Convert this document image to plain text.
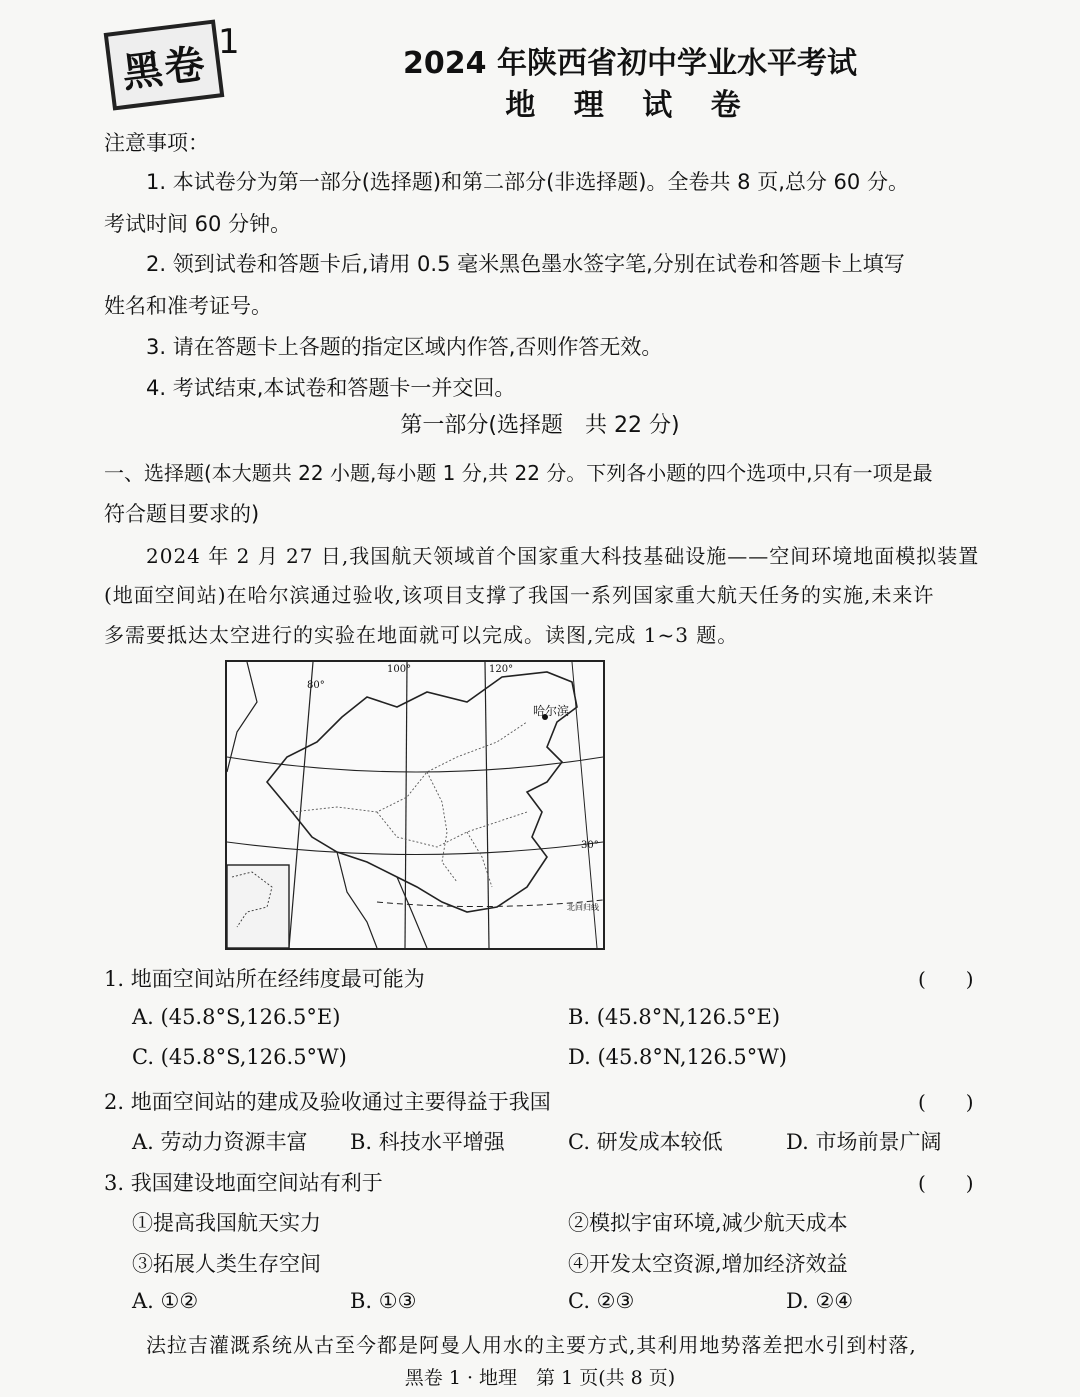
黑卷 1
2024 年陕西省初中学业水平考试
地 理 试 卷
注意事项：
1. 本试卷分为第一部分(选择题)和第二部分(非选择题)。全卷共 8 页,总分 60 分。
考试时间 60 分钟。
2. 领到试卷和答题卡后,请用 0.5 毫米黑色墨水签字笔,分别在试卷和答题卡上填写
姓名和准考证号。
3. 请在答题卡上各题的指定区域内作答,否则作答无效。
4. 考试结束,本试卷和答题卡一并交回。
第一部分(选择题　共 22 分)
一、选择题(本大题共 22 小题,每小题 1 分,共 22 分。下列各小题的四个选项中,只有一项是最
符合题目要求的)
2024 年 2 月 27 日,我国航天领域首个国家重大科技基础设施——空间环境地面模拟装置
(地面空间站)在哈尔滨通过验收,该项目支撑了我国一系列国家重大航天任务的实施,未来许
多需要抵达太空进行的实验在地面就可以完成。读图,完成 1~3 题。
100°	120°
80°
30°
哈尔滨
北回归线
1. 地面空间站所在经纬度最可能为	(　　)
A. (45.8°S,126.5°E)	B. (45.8°N,126.5°E)
C. (45.8°S,126.5°W)	D. (45.8°N,126.5°W)
2. 地面空间站的建成及验收通过主要得益于我国	(　　)
A. 劳动力资源丰富 B. 科技水平增强	C. 研发成本较低	D. 市场前景广阔
3. 我国建设地面空间站有利于	(　　)
①提高我国航天实力	②模拟宇宙环境,减少航天成本
③拓展人类生存空间	④开发太空资源,增加经济效益
A. ①②	B. ①③	C. ②③	D. ②④
法拉吉灌溉系统从古至今都是阿曼人用水的主要方式,其利用地势落差把水引到村落,
黑卷 1 · 地理　第 1 页(共 8 页)
